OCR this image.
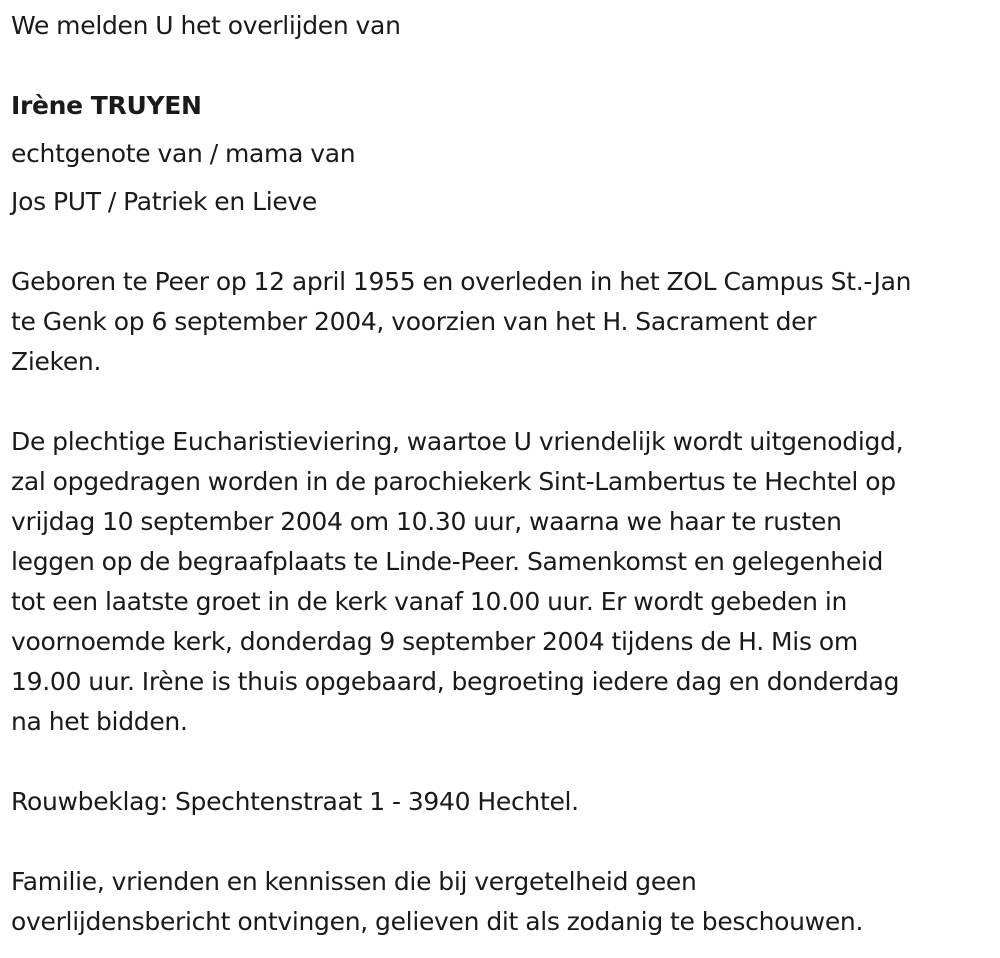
We melden U het overlijden van

Irène TRUYEN

echtgenote van / mama van

Jos PUT / Patriek en Lieve

Geboren te Peer op 12 april 1955 en overleden in het ZOL Campus St.-Jan

te Genk op 6 september 2004, voorzien van het H. Sacrament der

Zieken.

De plechtige Eucharistieviering, waartoe U vriendelijk wordt uitgenodigd,

zal opgedragen worden in de parochiekerk Sint-Lambertus te Hechtel op

vrijdag 10 september 2004 om 10.30 uur, waarna we haar te rusten

leggen op de begraafplaats te Linde-Peer. Samenkomst en gelegenheid

tot een laatste groet in de kerk vanaf 10.00 uur. Er wordt gebeden in

voornoemde kerk, donderdag 9 september 2004 tijdens de H. Mis om

19.00 uur. Irène is thuis opgebaard, begroeting iedere dag en donderdag

na het bidden.

Rouwbeklag: Spechtenstraat 1 - 3940 Hechtel.

Familie, vrienden en kennissen die bij vergetelheid geen

overlijdensbericht ontvingen, gelieven dit als zodanig te beschouwen.
